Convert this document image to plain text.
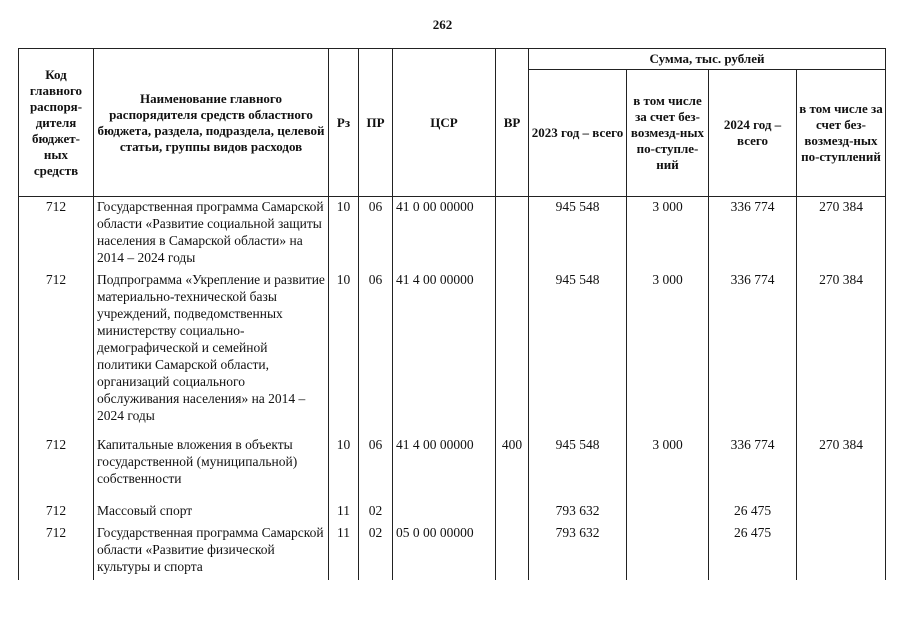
262
Код главного распоря-дителя бюджет-ных средств	Наименование главного распорядителя средств областного бюджета, раздела, подраздела, целевой статьи, группы видов расходов	Рз	ПР	ЦСР	ВР	Сумма, тыс. рублей			
						2023 год – всего	в том числе за счет без-возмезд-ных по-ступле-ний	2024 год – всего	в том числе за счет без-возмезд-ных по-ступлений
712	Государственная программа Самарской области «Развитие социальной защиты населения в Самарской области» на 2014 – 2024 годы	10	06	41 0 00 00000		945 548	3 000	336 774	270 384
712	Подпрограмма «Укрепление и развитие материально-технической базы учреждений, подведомственных министерству социально-демографической и семейной политики Самарской области, организаций социального обслуживания населения» на 2014 – 2024 годы	10	06	41 4 00 00000		945 548	3 000	336 774	270 384
712	Капитальные вложения в объекты государственной (муниципальной) собственности	10	06	41 4 00 00000	400	945 548	3 000	336 774	270 384
712	Массовый спорт	11	02			793 632		26 475	
712	Государственная программа Самарской области «Развитие физической культуры и спорта	11	02	05 0 00 00000		793 632		26 475	
